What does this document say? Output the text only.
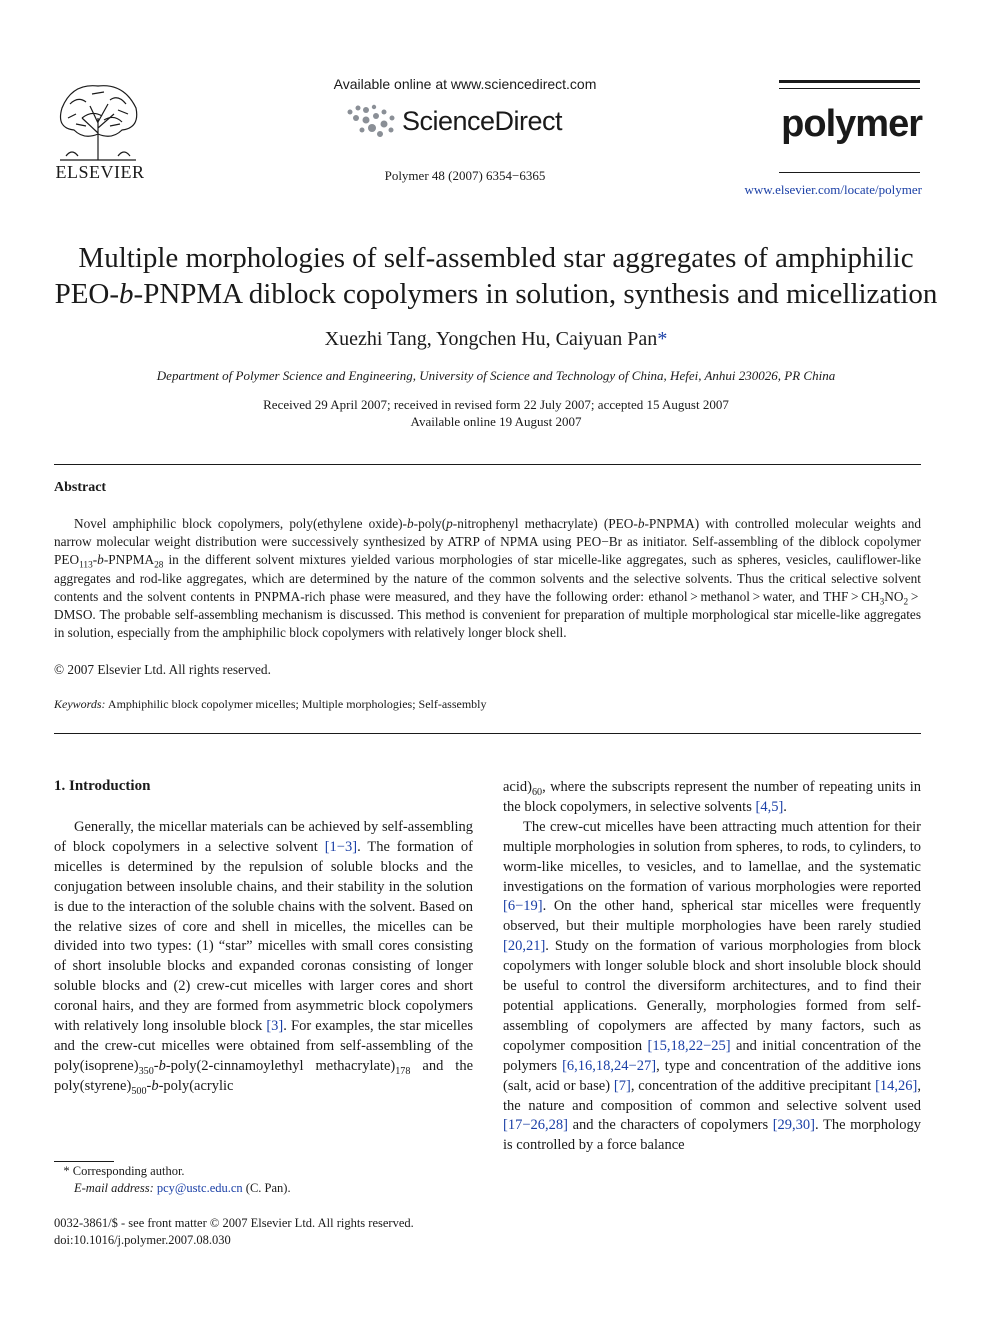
ELSEVIER
Available online at www.sciencedirect.com
ScienceDirect
Polymer 48 (2007) 6354−6365
polymer
www.elsevier.com/locate/polymer
Multiple morphologies of self-assembled star aggregates of amphiphilic
PEO-b-PNPMA diblock copolymers in solution, synthesis and micellization
Xuezhi Tang, Yongchen Hu, Caiyuan Pan*
Department of Polymer Science and Engineering, University of Science and Technology of China, Hefei, Anhui 230026, PR China
Received 29 April 2007; received in revised form 22 July 2007; accepted 15 August 2007
Available online 19 August 2007
Abstract
Novel amphiphilic block copolymers, poly(ethylene oxide)-b-poly(p-nitrophenyl methacrylate) (PEO-b-PNPMA) with controlled molecular weights and narrow molecular weight distribution were successively synthesized by ATRP of NPMA using PEO−Br as initiator. Self-assembling of the diblock copolymer $PEO_{113}-b-PNPMA_{28}$ in the different solvent mixtures yielded various morphologies of star micelle-like aggregates, such as spheres, vesicles, cauliflower-like aggregates and rod-like aggregates, which are determined by the nature of the common solvents and the selective solvents. Thus the critical selective solvent contents and the solvent contents in PNPMA-rich phase were measured, and they have the following order: ethanol > methanol > water, and THF > $CH_3NO_2$ > DMSO. The probable self-assembling mechanism is discussed. This method is convenient for preparation of multiple morphological star micelle-like aggregates in solution, especially from the amphiphilic block copolymers with relatively longer block shell.
© 2007 Elsevier Ltd. All rights reserved.
Keywords: Amphiphilic block copolymer micelles; Multiple morphologies; Self-assembly
1. Introduction
Generally, the micellar materials can be achieved by self-assembling of block copolymers in a selective solvent [1−3]. The formation of micelles is determined by the repulsion of soluble blocks and the conjugation between insoluble chains, and their stability in the solution is due to the interaction of the soluble chains with the solvent. Based on the relative sizes of core and shell in micelles, the micelles can be divided into two types: (1) “star” micelles with small cores consisting of short insoluble blocks and expanded coronas consisting of longer soluble blocks and (2) crew-cut micelles with larger cores and short coronal hairs, and they are formed from asymmetric block copolymers with relatively long insoluble block [3]. For examples, the star micelles and the crew-cut micelles were obtained from self-assembling of the $poly(isoprene)_{350}-b-poly(2$-cinnamoylethyl $methacrylate)_{178}$ and the $poly(styrene)_{500}-b-poly(acrylic$
$acid)_{60}$, where the subscripts represent the number of repeating units in the block copolymers, in selective solvents [4,5].
The crew-cut micelles have been attracting much attention for their multiple morphologies in solution from spheres, to rods, to cylinders, to worm-like micelles, to vesicles, and to lamellae, and the systematic investigations on the formation of various morphologies were reported [6−19]. On the other hand, spherical star micelles were frequently observed, but their multiple morphologies have been rarely studied [20,21]. Study on the formation of various morphologies from block copolymers with longer soluble block and short insoluble block should be useful to control the diversiform architectures, and to find their potential applications. Generally, morphologies formed from self-assembling of copolymers are affected by many factors, such as copolymer composition [15,18,22−25] and initial concentration of the polymers [6,16,18,24−27], type and concentration of the additive ions (salt, acid or base) [7], concentration of the additive precipitant [14,26], the nature and composition of common and selective solvent used [17−26,28] and the characters of copolymers [29,30]. The morphology is controlled by a force balance
* Corresponding author.
E-mail address: pcy@ustc.edu.cn (C. Pan).
0032-3861/$ - see front matter © 2007 Elsevier Ltd. All rights reserved.
doi:10.1016/j.polymer.2007.08.030
